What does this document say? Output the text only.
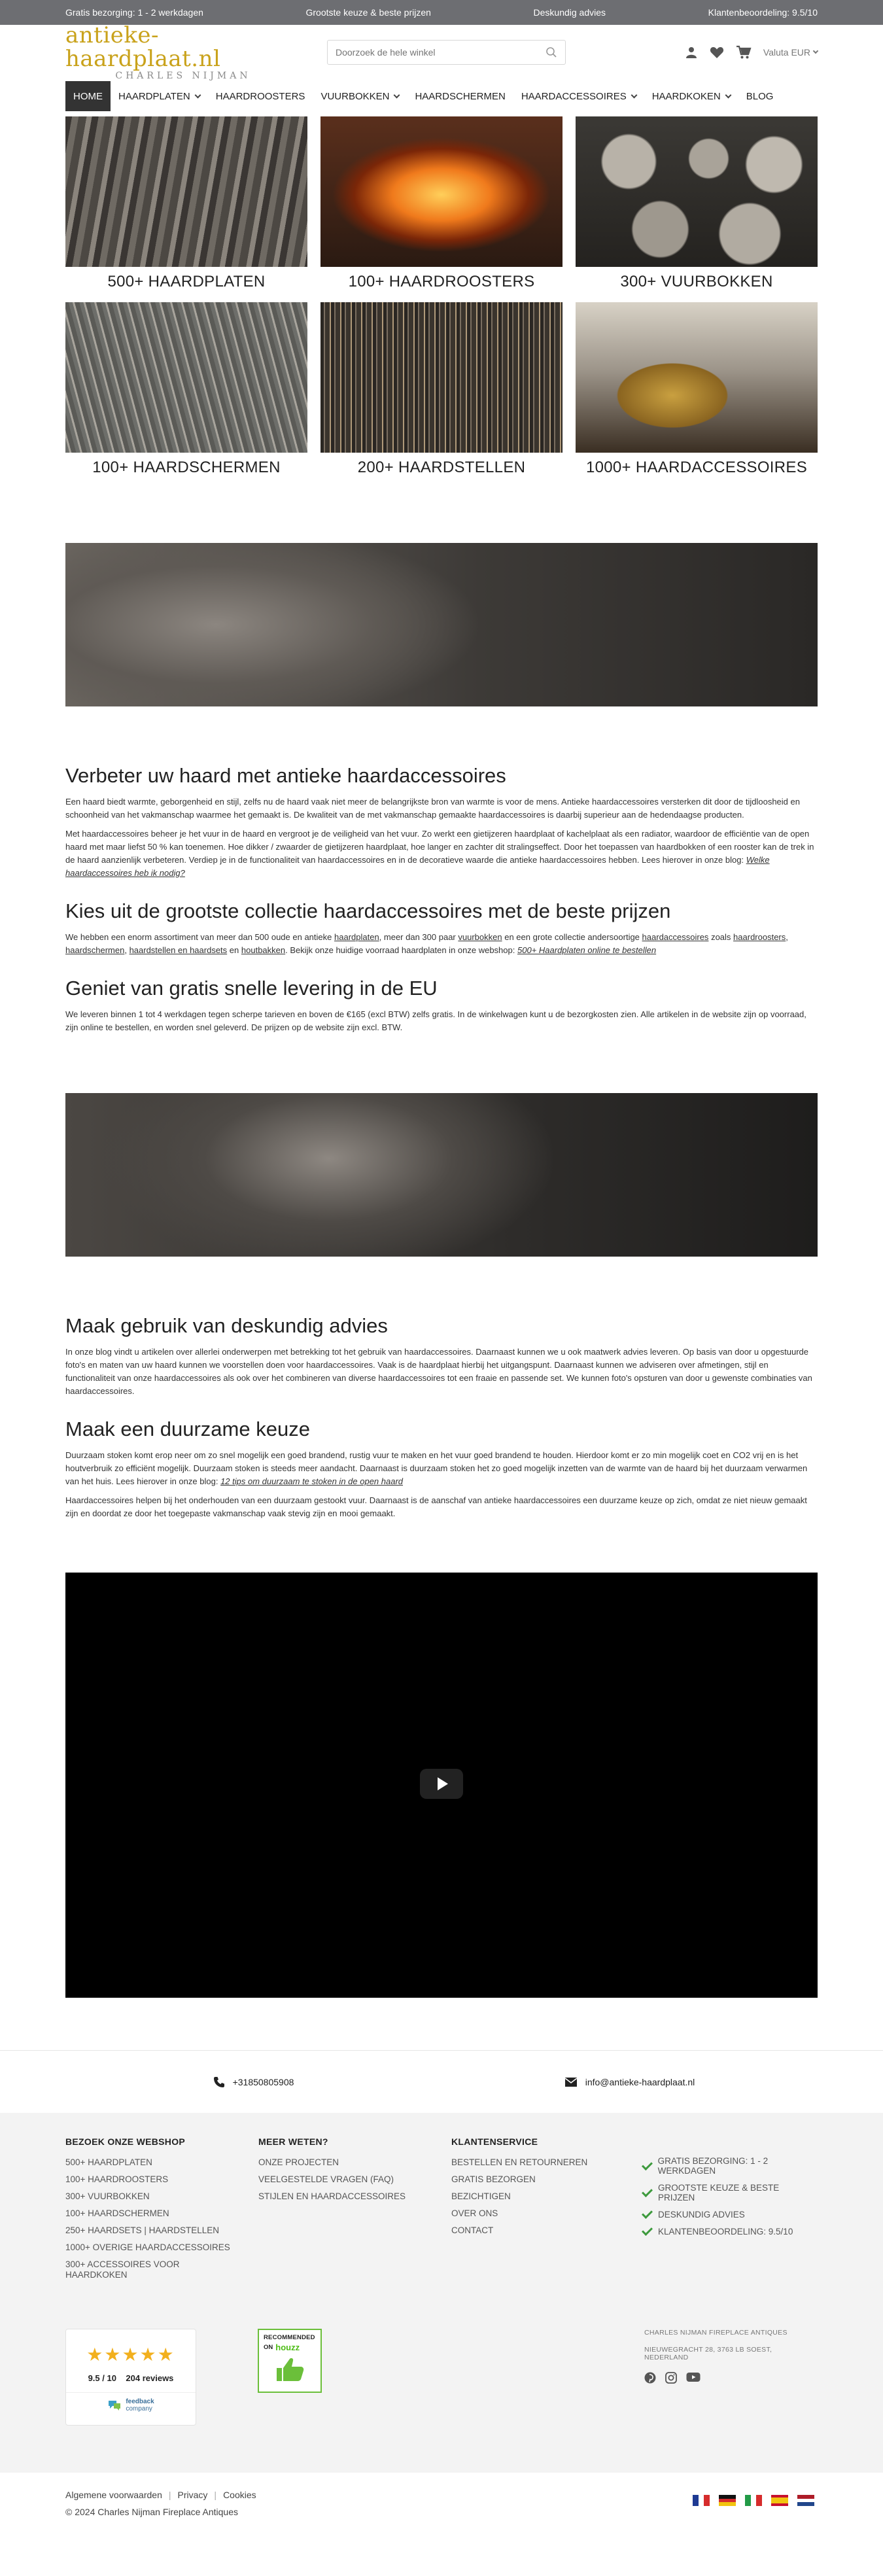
Gratis bezorging: 1 - 2 werkdagen	Grootste keuze & beste prijzen	Deskundig advies	Klantenbeoordeling: 9.5/10
antieke-haardplaat.nl
CHARLES NIJMAN
Doorzoek de hele winkel
Valuta EUR
HOME HAARDPLATEN	HAARDROOSTERS VUURBOKKEN	HAARDSCHERMEN HAARDACCESSOIRES	HAARDKOKEN	BLOG
500+ HAARDPLATEN	100+ HAARDROOSTERS	300+ VUURBOKKEN
100+ HAARDSCHERMEN	200+ HAARDSTELLEN	1000+ HAARDACCESSOIRES
Verbeter uw haard met antieke haardaccessoires

Een haard biedt warmte, geborgenheid en stijl, zelfs nu de haard vaak niet meer de belangrijkste bron van warmte is voor de mens. Antieke haardaccessoires versterken dit door de tijdloosheid en schoonheid van het vakmanschap waarmee het gemaakt is. De kwaliteit van de met vakmanschap gemaakte haardaccessoires is daarbij superieur aan de hedendaagse producten.

Met haardaccessoires beheer je het vuur in de haard en vergroot je de veiligheid van het vuur. Zo werkt een gietijzeren haardplaat of kachelplaat als een radiator, waardoor de efficiëntie van de open haard met maar liefst 50 % kan toenemen. Hoe dikker / zwaarder de gietijzeren haardplaat, hoe langer en zachter dit stralingseffect. Door het toepassen van haardbokken of een rooster kan de trek in de haard aanzienlijk verbeteren. Verdiep je in de functionaliteit van haardaccessoires en in de decoratieve waarde die antieke haardaccessoires hebben. Lees hierover in onze blog: Welke haardaccessoires heb ik nodig?

Kies uit de grootste collectie haardaccessoires met de beste prijzen

We hebben een enorm assortiment van meer dan 500 oude en antieke haardplaten, meer dan 300 paar vuurbokken en een grote collectie andersoortige haardaccessoires zoals haardroosters, haardschermen, haardstellen en haardsets en houtbakken. Bekijk onze huidige voorraad haardplaten in onze webshop: 500+ Haardplaten online te bestellen

Geniet van gratis snelle levering in de EU

We leveren binnen 1 tot 4 werkdagen tegen scherpe tarieven en boven de €165 (excl BTW) zelfs gratis. In de winkelwagen kunt u de bezorgkosten zien. Alle artikelen in de website zijn op voorraad, zijn online te bestellen, en worden snel geleverd. De prijzen op de website zijn excl. BTW.

Maak gebruik van deskundig advies

In onze blog vindt u artikelen over allerlei onderwerpen met betrekking tot het gebruik van haardaccessoires. Daarnaast kunnen we u ook maatwerk advies leveren. Op basis van door u opgestuurde foto's en maten van uw haard kunnen we voorstellen doen voor haardaccessoires. Vaak is de haardplaat hierbij het uitgangspunt. Daarnaast kunnen we adviseren over afmetingen, stijl en functionaliteit van onze haardaccessoires als ook over het combineren van diverse haardaccessoires tot een fraaie en passende set. We kunnen foto's opsturen van door u gewenste combinaties van haardaccessoires.

Maak een duurzame keuze

Duurzaam stoken komt erop neer om zo snel mogelijk een goed brandend, rustig vuur te maken en het vuur goed brandend te houden. Hierdoor komt er zo min mogelijk coet en CO2 vrij en is het houtverbruik zo efficiënt mogelijk. Duurzaam stoken is steeds meer aandacht. Daarnaast is duurzaam stoken het zo goed mogelijk inzetten van de warmte van de haard bij het duurzaam verwarmen van het huis. Lees hierover in onze blog: 12 tips om duurzaam te stoken in de open haard

Haardaccessoires helpen bij het onderhouden van een duurzaam gestookt vuur. Daarnaast is de aanschaf van antieke haardaccessoires een duurzame keuze op zich, omdat ze niet nieuw gemaakt zijn en doordat ze door het toegepaste vakmanschap vaak stevig zijn en mooi gemaakt.

+31850805908	info@antieke-haardplaat.nl
BEZOEK ONZE WEBSHOP
500+ HAARDPLATEN
100+ HAARDROOSTERS
300+ VUURBOKKEN
100+ HAARDSCHERMEN
250+ HAARDSETS | HAARDSTELLEN
1000+ OVERIGE HAARDACCESSOIRES
300+ ACCESSOIRES VOOR HAARDKOKEN
MEER WETEN?
ONZE PROJECTEN
VEELGESTELDE VRAGEN (FAQ)
STIJLEN EN HAARDACCESSOIRES
KLANTENSERVICE
BESTELLEN EN RETOURNEREN
GRATIS BEZORGEN
BEZICHTIGEN
OVER ONS
CONTACT
GRATIS BEZORGING: 1 - 2 WERKDAGEN
GROOTSTE KEUZE & BESTE PRIJZEN
DESKUNDIG ADVIES
KLANTENBEOORDELING: 9.5/10
★★★★★
9.5 / 10 204 reviews
feedback
company
RECOMMENDED
ON houzz
CHARLES NIJMAN FIREPLACE ANTIQUES
NIEUWEGRACHT 28, 3763 LB SOEST, NEDERLAND
Algemene voorwaarden | Privacy | Cookies
© 2024 Charles Nijman Fireplace Antiques
